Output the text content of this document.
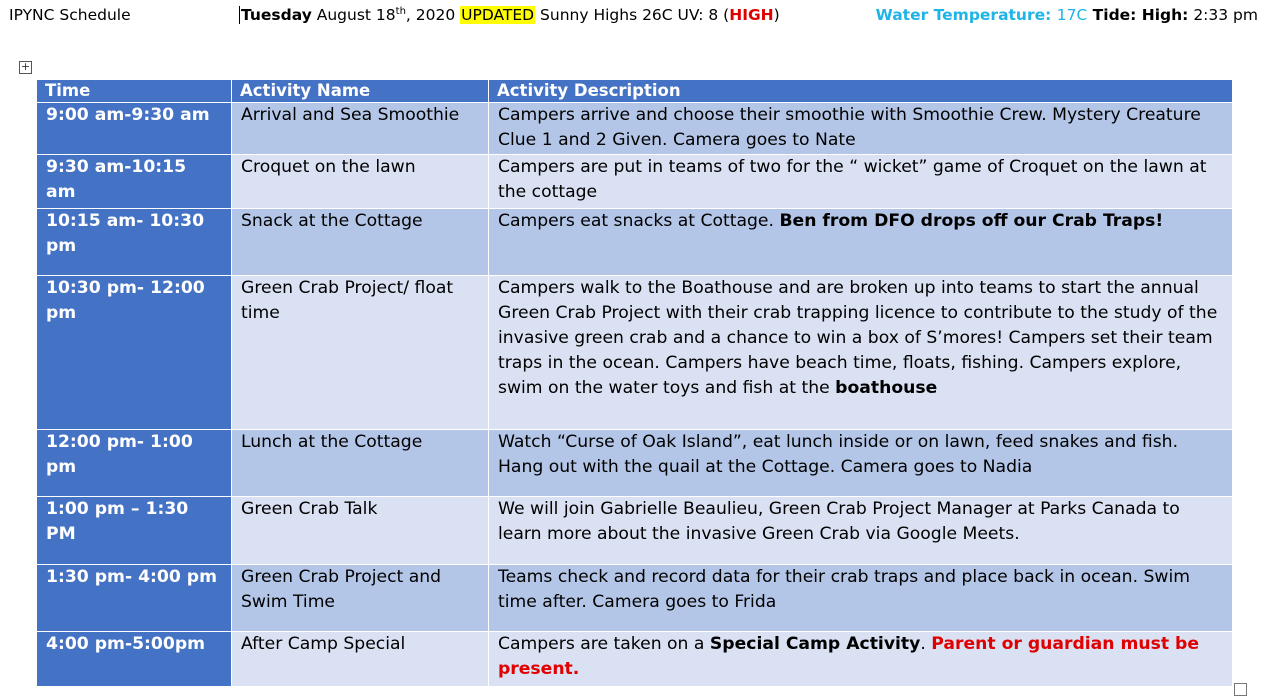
IPYNC Schedule	Tuesday August 18th, 2020 UPDATED Sunny Highs 26C UV: 8 (HIGH)	Water Temperature: 17C Tide: High: 2:33 pm
+
Time	Activity Name	Activity Description
9:00 am-9:30 am	Arrival and Sea Smoothie	Campers arrive and choose their smoothie with Smoothie Crew. Mystery Creature Clue 1 and 2 Given. Camera goes to Nate
9:30 am-10:15 am	Croquet on the lawn	Campers are put in teams of two for the “ wicket” game of Croquet on the lawn at the cottage
10:15 am- 10:30 pm	Snack at the Cottage	Campers eat snacks at Cottage. Ben from DFO drops off our Crab Traps!
10:30 pm- 12:00 pm	Green Crab Project/ float time	Campers walk to the Boathouse and are broken up into teams to start the annual Green Crab Project with their crab trapping licence to contribute to the study of the invasive green crab and a chance to win a box of S’mores! Campers set their team traps in the ocean. Campers have beach time, floats, fishing. Campers explore, swim on the water toys and fish at the boathouse
12:00 pm- 1:00 pm	Lunch at the Cottage	Watch “Curse of Oak Island”, eat lunch inside or on lawn, feed snakes and fish. Hang out with the quail at the Cottage. Camera goes to Nadia
1:00 pm – 1:30 PM	Green Crab Talk	We will join Gabrielle Beaulieu, Green Crab Project Manager at Parks Canada to learn more about the invasive Green Crab via Google Meets.
1:30 pm- 4:00 pm	Green Crab Project and Swim Time	Teams check and record data for their crab traps and place back in ocean. Swim time after. Camera goes to Frida
4:00 pm-5:00pm	After Camp Special	Campers are taken on a Special Camp Activity. Parent or guardian must be present.
